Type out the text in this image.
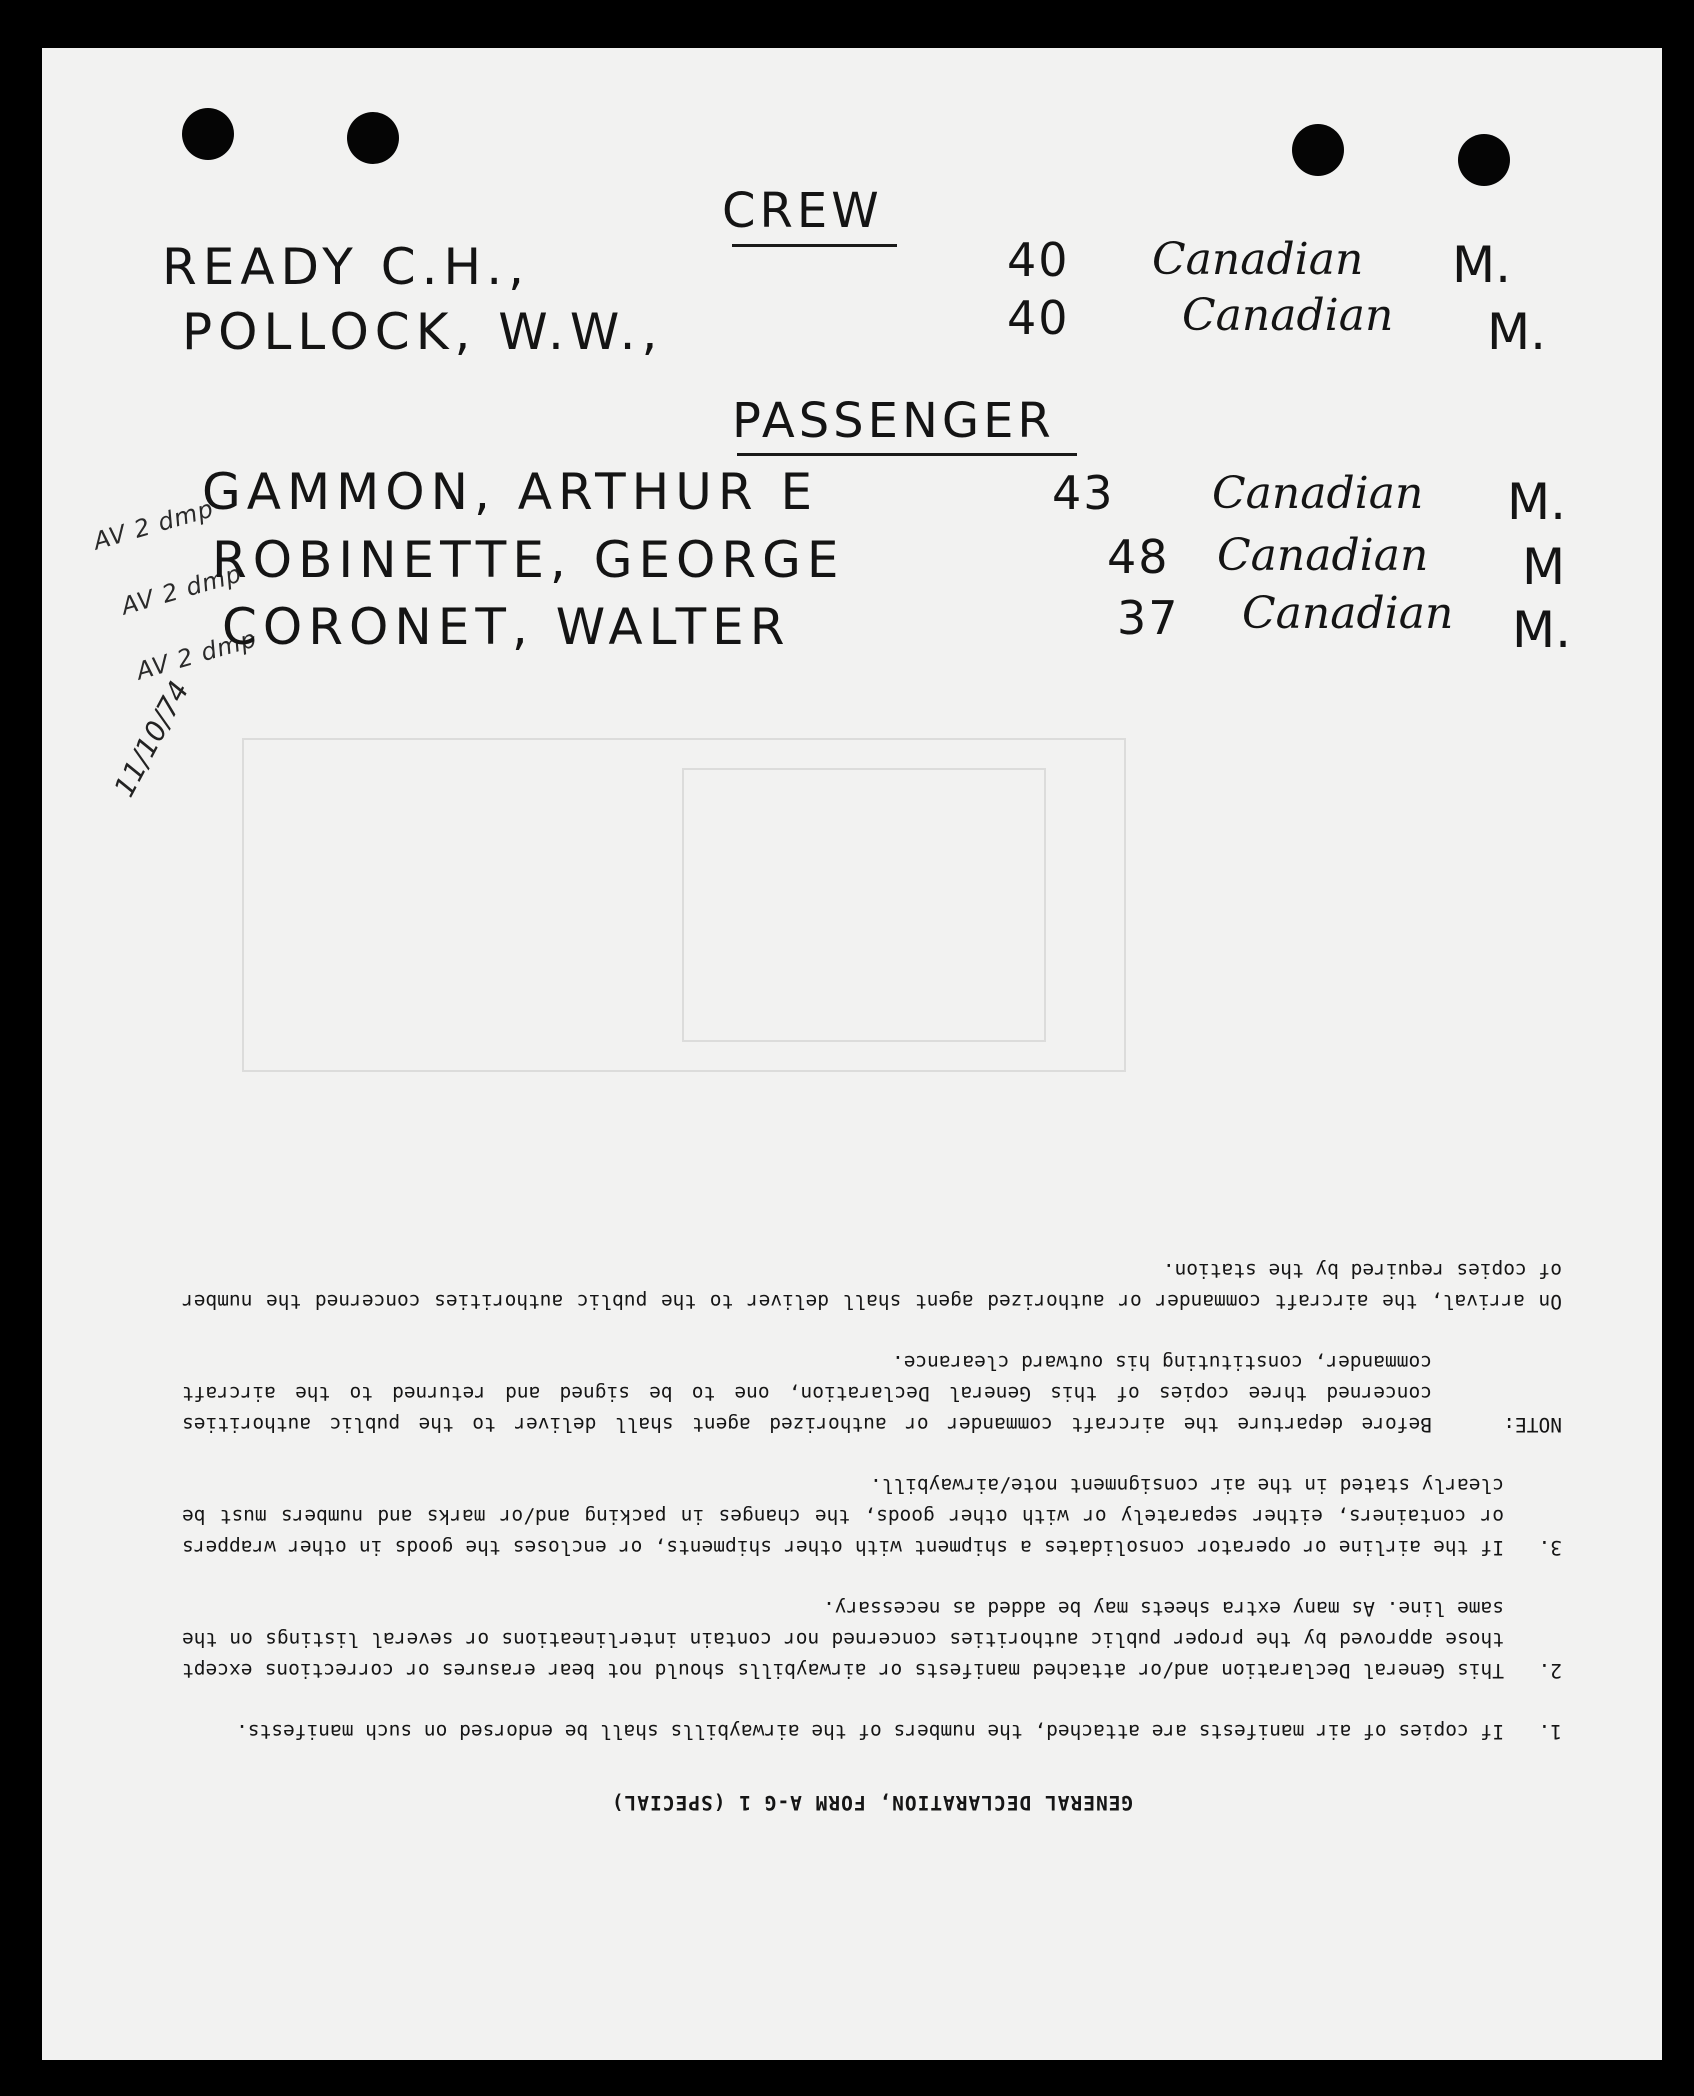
CREW
READY C.H.,	40 Canadian M.
POLLOCK, W.W.,	40	Canadian M.
PASSENGER
AV 2 dmp
GAMMON, ARTHUR E	43 Canadian M.
AV 2 dmp
ROBINETTE, GEORGE	48 Canadian M
AV 2 dmp
CORONET, WALTER	37 Canadian M.
11/10/74
GENERAL DECLARATION, FORM A-G 1 (SPECIAL)
1.
If copies of air manifests are attached, the numbers of the airwaybills shall be endorsed on such manifests.
2.
This General Declaration and/or attached manifests or airwaybills should not bear erasures or corrections except those approved by the proper public authorities concerned nor contain interlineations or several listings on the same line. As many extra sheets may be added as necessary.
3.
If the airline or operator consolidates a shipment with other shipments, or encloses the goods in other wrappers or containers, either separately or with other goods, the changes in packing and/or marks and numbers must be clearly stated in the air consignment note/airwaybill.
NOTE:
Before departure the aircraft commander or authorized agent shall deliver to the public authorities concerned three copies of this General Declaration, one to be signed and returned to the aircraft commander, constituting his outward clearance.
On arrival, the aircraft commander or authorized agent shall deliver to the public authorities concerned the number of copies required by the station.
